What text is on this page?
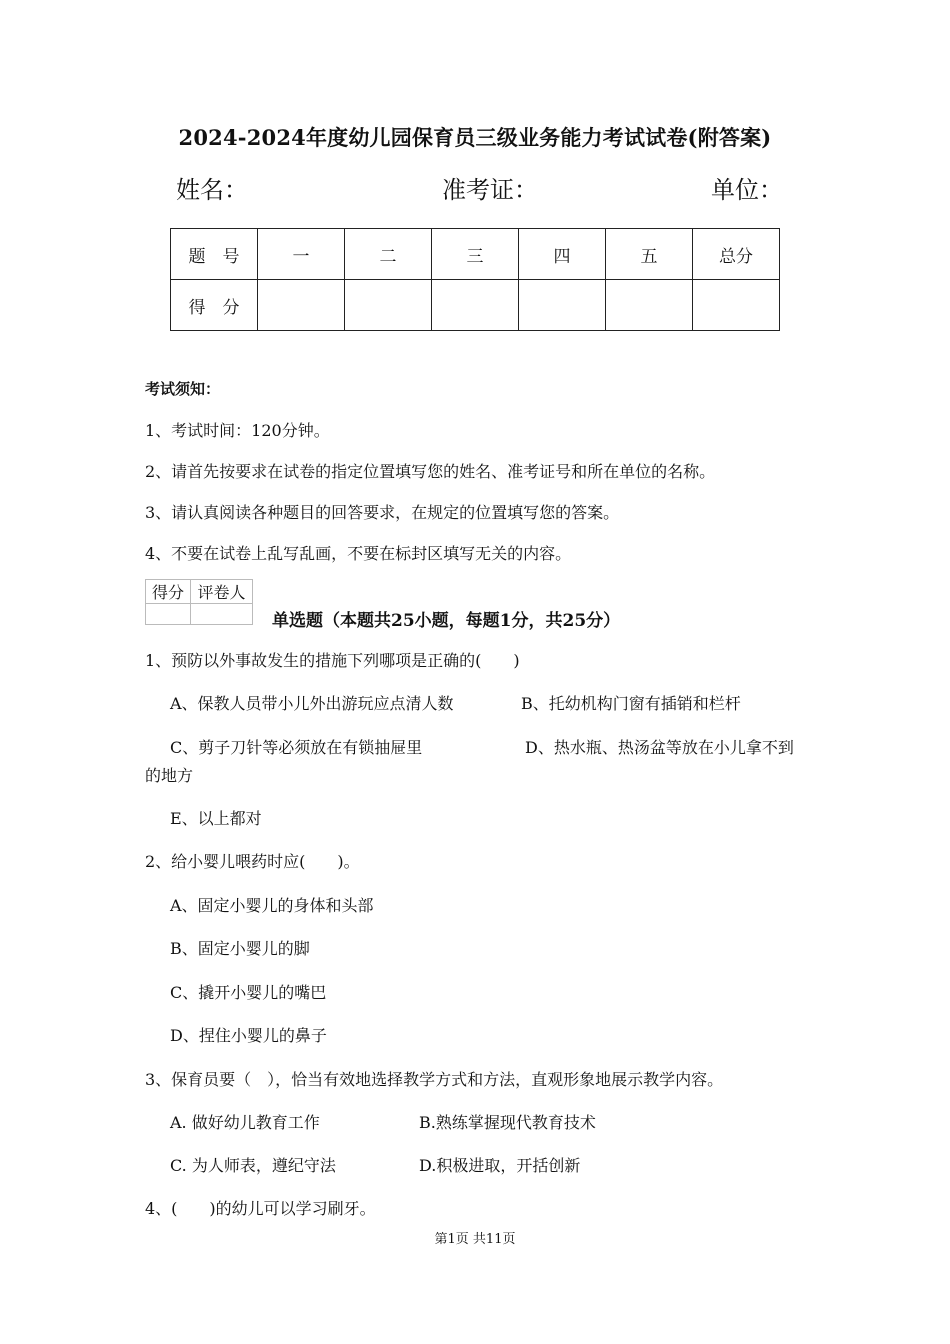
2024-2024年度幼儿园保育员三级业务能力考试试卷(附答案)
姓名：	准考证：	单位：
题　号	一	二	三	四	五	总分
得　分						
考试须知：
1、考试时间：120分钟。
2、请首先按要求在试卷的指定位置填写您的姓名、准考证号和所在单位的名称。
3、请认真阅读各种题目的回答要求，在规定的位置填写您的答案。
4、不要在试卷上乱写乱画，不要在标封区填写无关的内容。
得分	评卷人

单选题（本题共25小题，每题1分，共25分）
1、预防以外事故发生的措施下列哪项是正确的(　　)
A、保教人员带小儿外出游玩应点清人数	B、托幼机构门窗有插销和栏杆
C、剪子刀针等必须放在有锁抽屉里	D、热水瓶、热汤盆等放在小儿拿不到
的地方
E、以上都对
2、给小婴儿喂药时应(　　)。
A、固定小婴儿的身体和头部
B、固定小婴儿的脚
C、撬开小婴儿的嘴巴
D、捏住小婴儿的鼻子
3、保育员要（　），恰当有效地选择教学方式和方法，直观形象地展示教学内容。
A. 做好幼儿教育工作	B.熟练掌握现代教育技术
C. 为人师表，遵纪守法	D.积极进取，开括创新
4、(　　)的幼儿可以学习刷牙。
第1页 共11页
